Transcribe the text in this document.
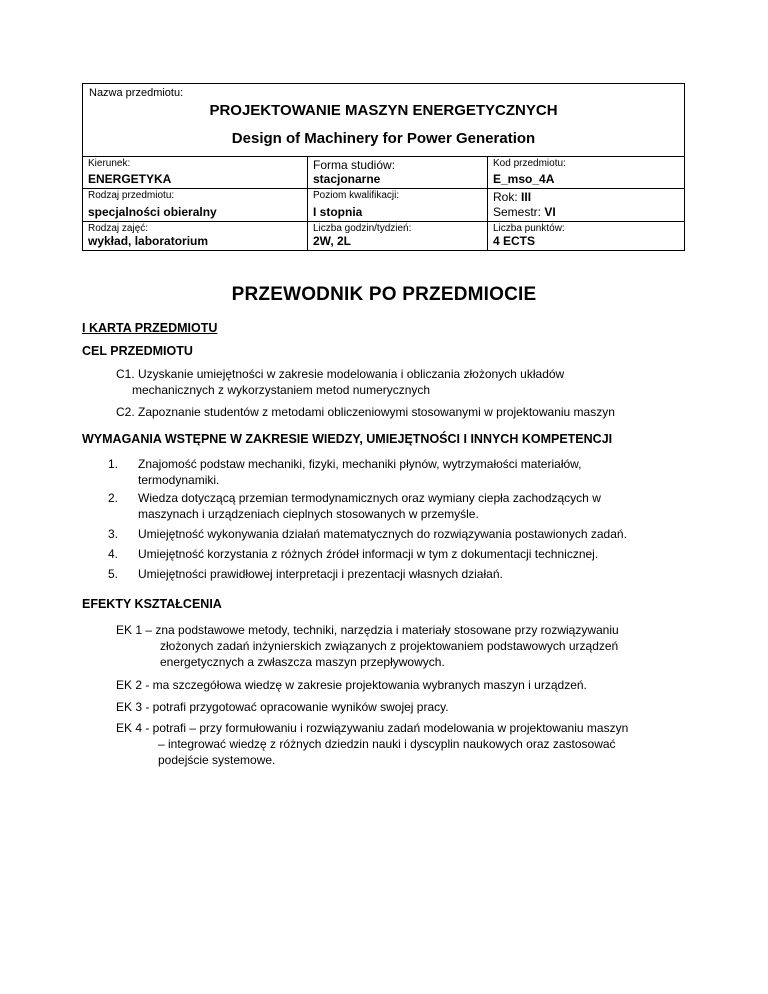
Nazwa przedmiotu:
PROJEKTOWANIE MASZYN ENERGETYCZNYCH
Design of Machinery for Power Generation
Kierunek:
ENERGETYKA
Forma studiów:
stacjonarne
Kod przedmiotu:
E_mso_4A
Rodzaj przedmiotu:
specjalności obieralny
Poziom kwalifikacji:
I stopnia
Rok: III
Semestr: VI
Rodzaj zajęć:
wykład, laboratorium
Liczba godzin/tydzień:
2W, 2L
Liczba punktów:
4 ECTS
PRZEWODNIK PO PRZEDMIOCIE
I KARTA PRZEDMIOTU
CEL PRZEDMIOTU
C1. Uzyskanie umiejętności w zakresie modelowania i obliczania złożonych układów
mechanicznych z wykorzystaniem metod numerycznych
C2. Zapoznanie studentów z metodami obliczeniowymi stosowanymi w projektowaniu maszyn
WYMAGANIA WSTĘPNE W ZAKRESIE WIEDZY, UMIEJĘTNOŚCI I INNYCH KOMPETENCJI
1. Znajomość podstaw mechaniki, fizyki, mechaniki płynów, wytrzymałości materiałów,
termodynamiki.
2. Wiedza dotyczącą przemian termodynamicznych oraz wymiany ciepła zachodzących w
maszynach i urządzeniach cieplnych stosowanych w przemyśle.
3. Umiejętność wykonywania działań matematycznych do rozwiązywania postawionych zadań.
4. Umiejętność korzystania z różnych źródeł informacji w tym z dokumentacji technicznej.
5. Umiejętności prawidłowej interpretacji i prezentacji własnych działań.
EFEKTY KSZTAŁCENIA
EK 1 – zna podstawowe metody, techniki, narzędzia i materiały stosowane przy rozwiązywaniu
złożonych zadań inżynierskich związanych z projektowaniem podstawowych urządzeń
energetycznych a zwłaszcza maszyn przepływowych.
EK 2 - ma szczegółowa wiedzę w zakresie projektowania wybranych maszyn i urządzeń.
EK 3 - potrafi przygotować opracowanie wyników swojej pracy.
EK 4 - potrafi – przy formułowaniu i rozwiązywaniu zadań modelowania w projektowaniu maszyn
– integrować wiedzę z różnych dziedzin nauki i dyscyplin naukowych oraz zastosować
podejście systemowe.
